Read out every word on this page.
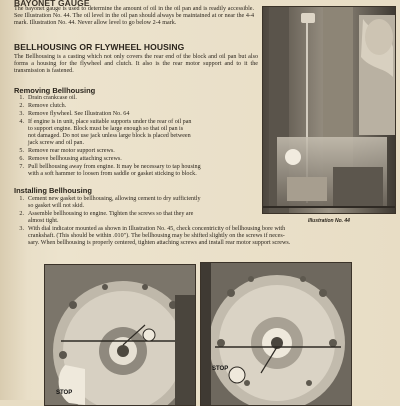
BAYONET GAUGE
The bayonet gauge is used to determine the amount of oil in the oil pan and is readily accessible. See Illustration No. 44. The oil level in the oil pan should always be maintained at or near the 4-4 mark. Illustration No. 44. Never allow level to go below 2-4 mark.
BELLHOUSING OR FLYWHEEL HOUSING
The Bellhousing is a casting which not only covers the rear end of the block and oil pan but also forms a housing for the flywheel and clutch. It also is the rear motor support and to it the transmission is fastened.
Removing Bellhousing
1. Drain crankcase oil.
2. Remove clutch.
3. Remove flywheel. See Illustration No. 64
4. If engine is in unit, place suitable supports under the rear of oil pan
to support engine. Block must be large enough so that oil pan is
not damaged. Do not use jack unless large block is placed between
jack screw and oil pan.
5. Remove rear motor support screws.
6. Remove bellhousing attaching screws.
7. Pull bellhousing away from engine. It may be necessary to tap housing
with a soft hammer to loosen from saddle or gasket sticking to block.
Installing Bellhousing
1. Cement new gasket to bellhousing, allowing cement to dry sufficiently
so gasket will not skid.
2. Assemble bellhousing to engine. Tighten the screws so that they are
almost tight.
3. With dial indicator mounted as shown in Illustration No. 45, check concentricity of bellhousing bore with
crankshaft. (This should be within .010"). The bellhousing may be shifted slightly on the screws if neces-
sary. When bellhousing is properly centered, tighten attaching screws and install rear motor support screws.
Illustration No. 44
STOP
STOP
